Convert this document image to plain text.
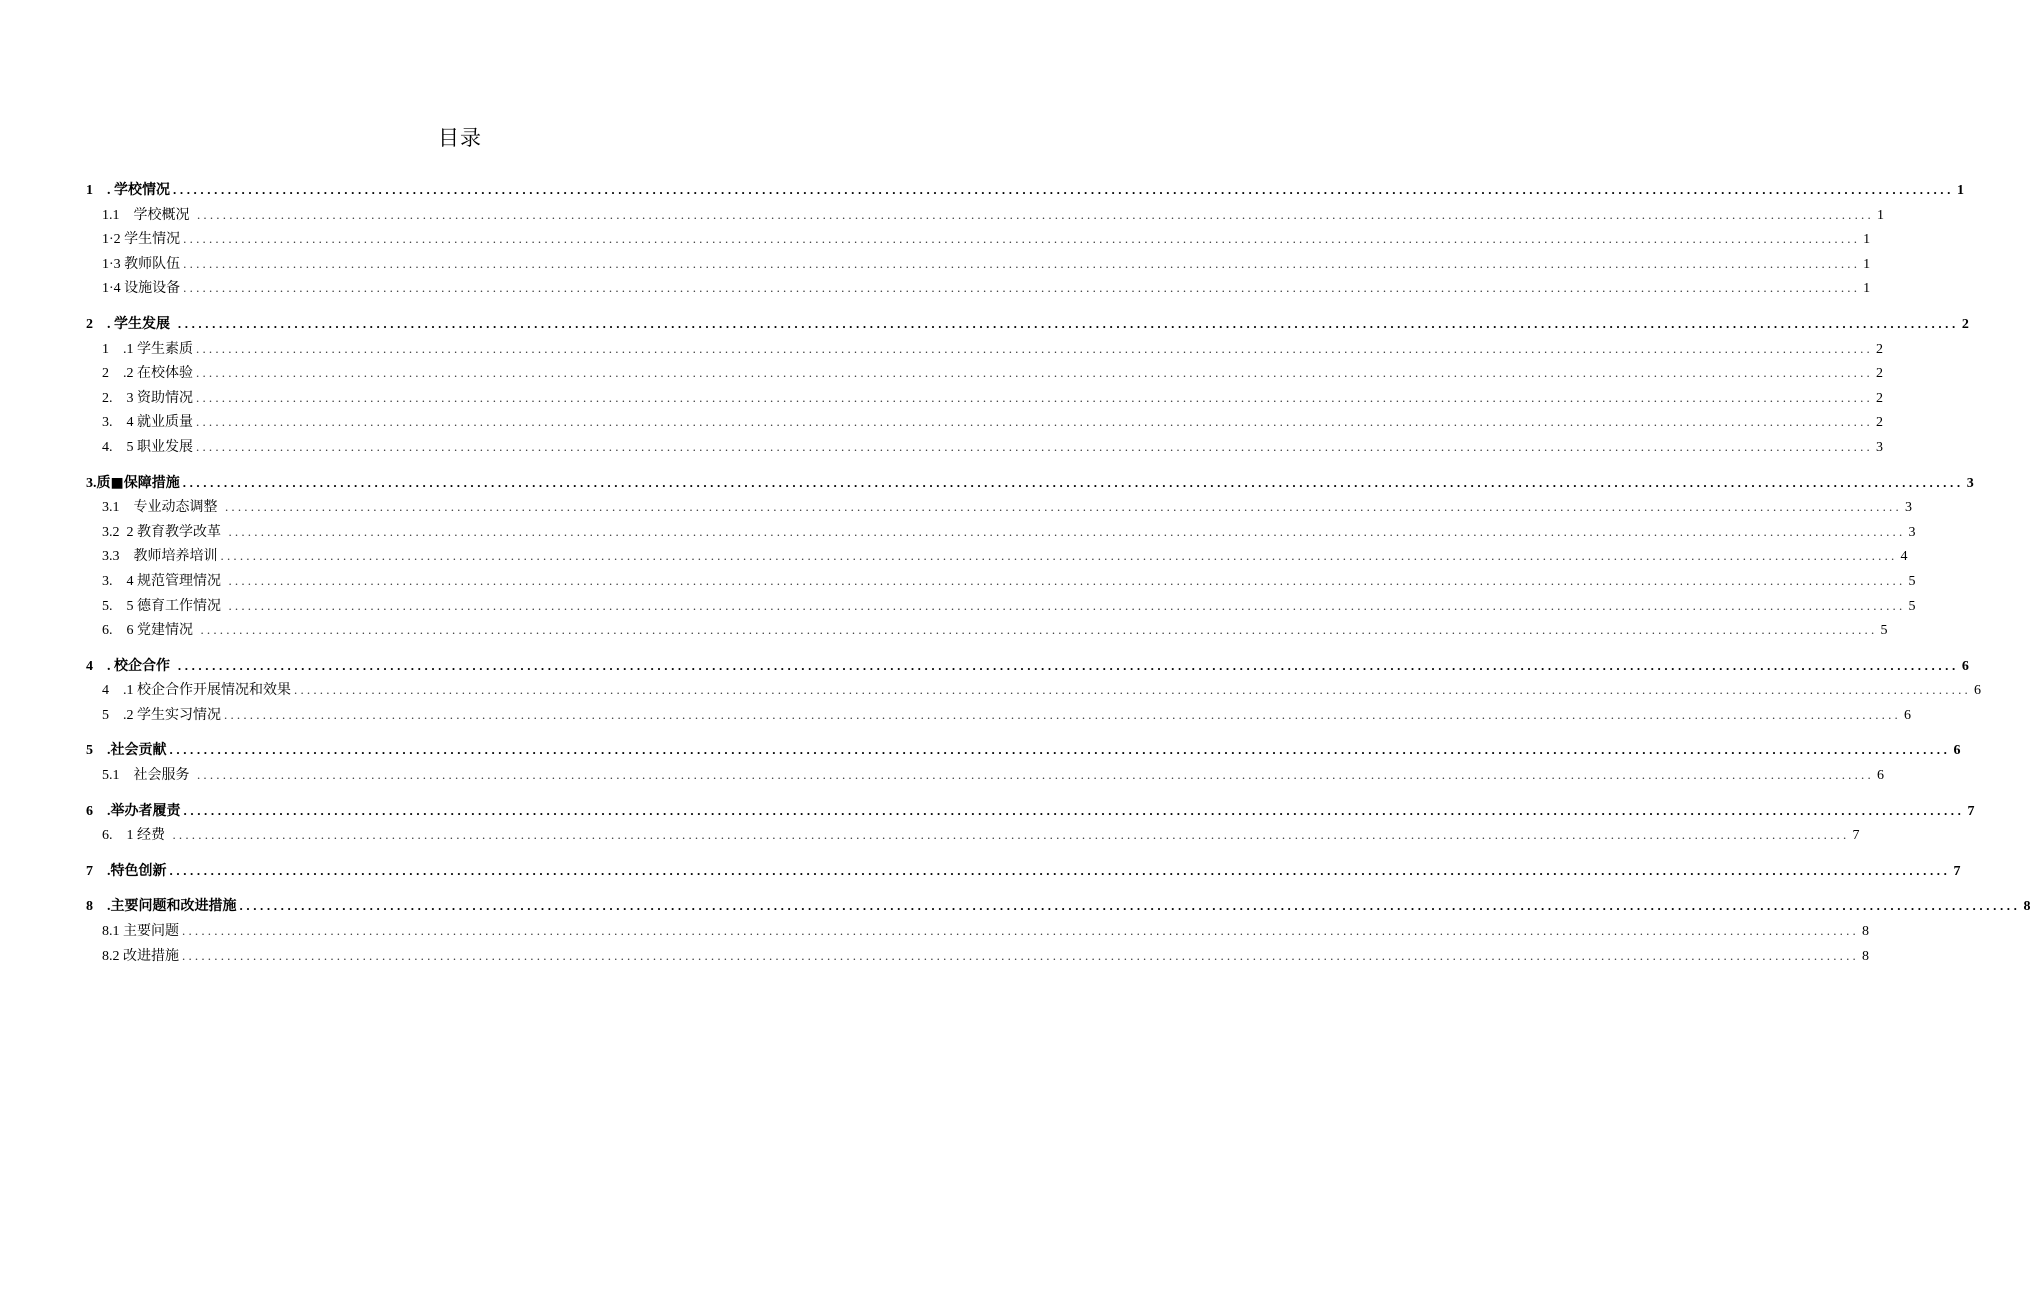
目录
1    . 学校情况 .................................................................................................................................................................................................................................................................... 1
1.1 学校概况 .................................................................................................................................................................................................................................................................... 1
1·2 学生情况 .................................................................................................................................................................................................................................................................... 1
1·3 教师队伍 .................................................................................................................................................................................................................................................................... 1
1·4 设施设备 .................................................................................................................................................................................................................................................................... 1
2    . 学生发展 .................................................................................................................................................................................................................................................................... 2
1    .1 学生素质 .................................................................................................................................................................................................................................................................... 2
2    .2 在校体验 .................................................................................................................................................................................................................................................................... 2
2.    3 资助情况 .................................................................................................................................................................................................................................................................... 2
3.    4 就业质量 .................................................................................................................................................................................................................................................................... 2
4.    5 职业发展 .................................................................................................................................................................................................................................................................... 3
3. 质■保障措施 .................................................................................................................................................................................................................................................................... 3
3.1 专业动态调整 .................................................................................................................................................................................................................................................................... 3
3.2  2 教育教学改革 .................................................................................................................................................................................................................................................................... 3
3.3 教师培养培训 .................................................................................................................................................................................................................................................................... 4
3.    4 规范管理情况 .................................................................................................................................................................................................................................................................... 5
5.    5 德育工作情况 .................................................................................................................................................................................................................................................................... 5
6.    6 党建情况 .................................................................................................................................................................................................................................................................... 5
4    . 校企合作 .................................................................................................................................................................................................................................................................... 6
4    .1 校企合作开展情况和效果 .................................................................................................................................................................................................................................................................... 6
5    .2 学生实习情况 .................................................................................................................................................................................................................................................................... 6
5    . 社会贡献 .................................................................................................................................................................................................................................................................... 6
5.1 社会服务 .................................................................................................................................................................................................................................................................... 6
6    . 举办者履责 .................................................................................................................................................................................................................................................................... 7
6.    1 经费 .................................................................................................................................................................................................................................................................... 7
7    . 特色创新 .................................................................................................................................................................................................................................................................... 7
8    . 主要问题和改进措施 .................................................................................................................................................................................................................................................................... 8
8.1 主要问题 .................................................................................................................................................................................................................................................................... 8
8.2 改进措施 .................................................................................................................................................................................................................................................................... 8
